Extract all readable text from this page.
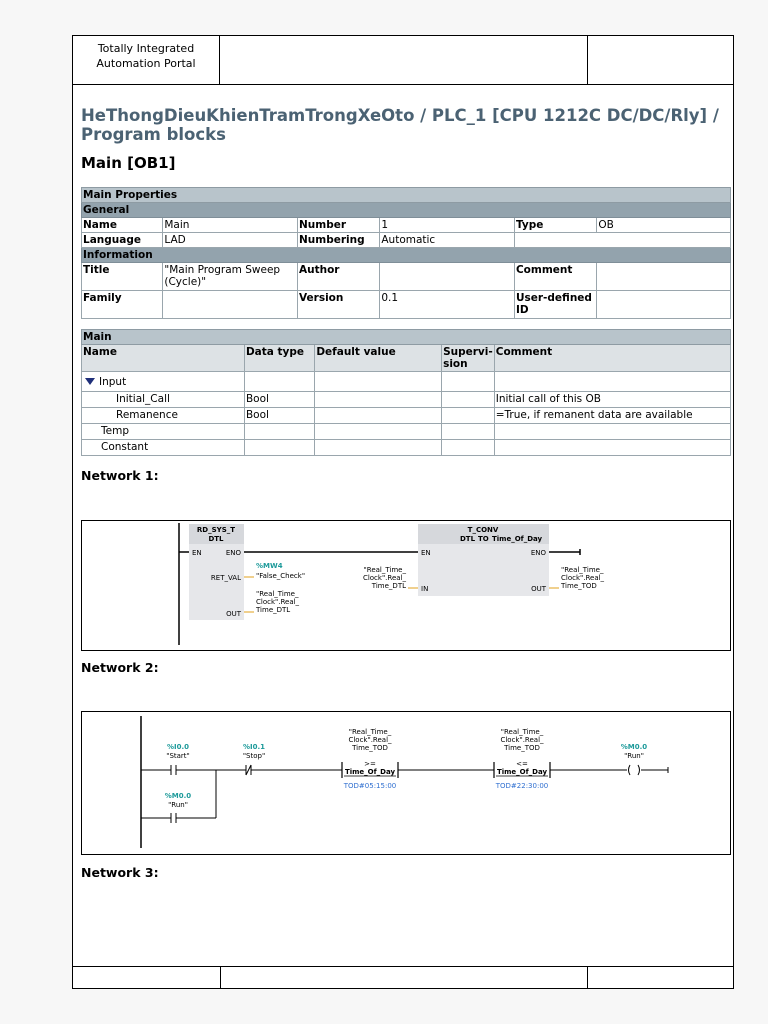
Totally Integrated
Automation Portal
HeThongDieuKhienTramTrongXeOto / PLC_1 [CPU 1212C DC/DC/Rly] / Program blocks
Main [OB1]
Main Properties					
General					
Name	Main	Number	1	Type	OB
Language	LAD	Numbering	Automatic		
Information					
Title	"Main Program Sweep (Cycle)"	Author		Comment	
Family		Version	0.1	User-defined ID	
Main				
Name	Data type	Default value	Supervi-sion	Comment
Input				
Initial_Call	Bool			Initial call of this OB
Remanence	Bool			=True, if remanent data are available
Temp				
Constant				
Network 1:
RD_SYS_T
DTL
EN	ENO
RET_VAL
OUT
%MW4
"False_Check"
"Real_Time_
Clock".Real_
Time_DTL
T_CONV
DTL TO Time_Of_Day
EN	ENO
IN	OUT
"Real_Time_
Clock".Real_
Time_DTL
"Real_Time_
Clock".Real_
Time_TOD
Network 2:
%I0.0
"Start"
%I0.1
"Stop"
%M0.0
"Run"
"Real_Time_
Clock".Real_
Time_TOD
>=
Time_Of_Day
TOD#05:15:00
"Real_Time_
Clock".Real_
Time_TOD
<=
Time_Of_Day
TOD#22:30:00
%M0.0
"Run"
Network 3:
